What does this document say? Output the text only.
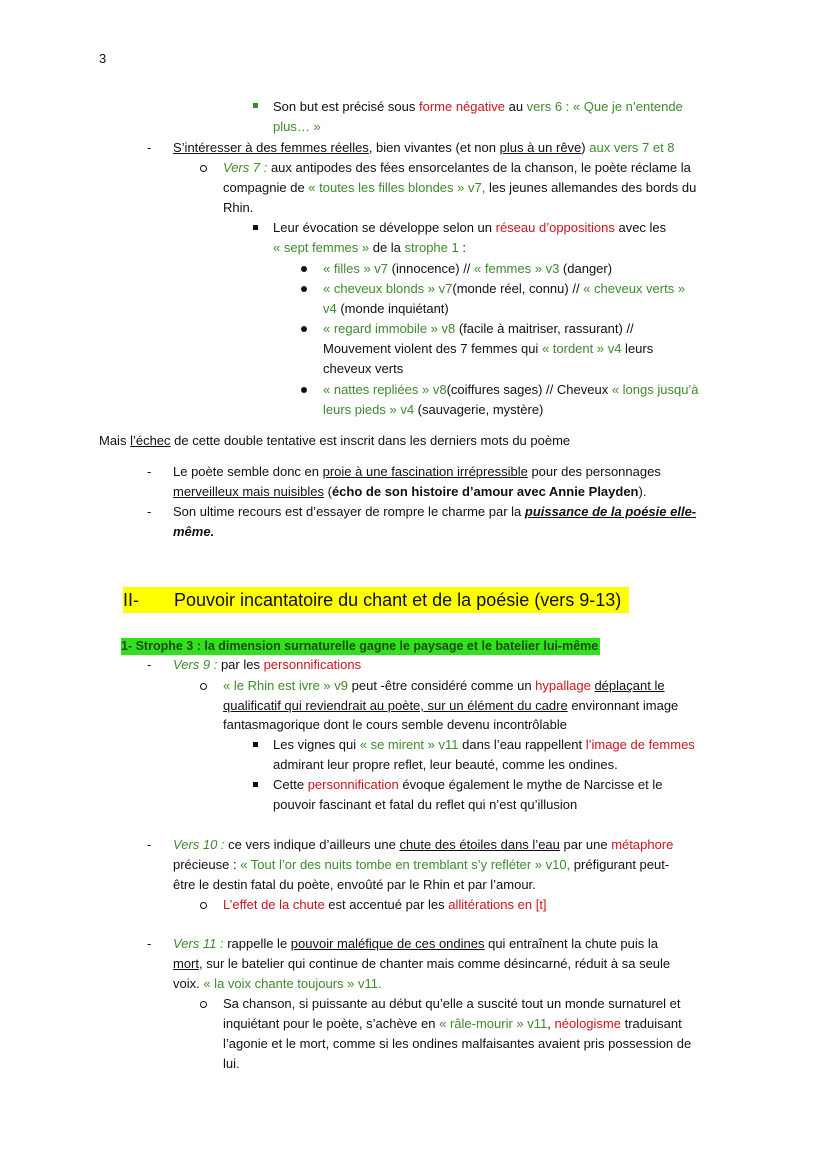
3
Son but est précisé sous forme négative au vers 6 : « Que je n’entende
plus… »
- S’intéresser à des femmes réelles, bien vivantes (et non plus à un rêve) aux vers 7 et 8
Vers 7 : aux antipodes des fées ensorcelantes de la chanson, le poète réclame la
compagnie de « toutes les filles blondes » v7, les jeunes allemandes des bords du
Rhin.
Leur évocation se développe selon un réseau d’oppositions avec les
« sept femmes » de la strophe 1 :
« filles » v7 (innocence) // « femmes » v3 (danger)
« cheveux blonds » v7(monde réel, connu) // « cheveux verts »
v4 (monde inquiétant)
« regard immobile » v8 (facile à maitriser, rassurant) //
Mouvement violent des 7 femmes qui « tordent » v4 leurs
cheveux verts
« nattes repliées » v8(coiffures sages) // Cheveux « longs jusqu’à
leurs pieds » v4 (sauvagerie, mystère)
Mais l’échec de cette double tentative est inscrit dans les derniers mots du poème
- Le poète semble donc en proie à une fascination irrépressible pour des personnages
merveilleux mais nuisibles (écho de son histoire d’amour avec Annie Playden).
- Son ultime recours est d’essayer de rompre le charme par la puissance de la poésie elle-
même.
II- Pouvoir incantatoire du chant et de la poésie (vers 9-13)
1- Strophe 3 : la dimension surnaturelle gagne le paysage et le batelier lui-même
- Vers 9 : par les personnifications
« le Rhin est ivre » v9 peut -être considéré comme un hypallage déplaçant le
qualificatif qui reviendrait au poète, sur un élément du cadre environnant image
fantasmagorique dont le cours semble devenu incontrôlable
Les vignes qui « se mirent » v11 dans l’eau rappellent l’image de femmes
admirant leur propre reflet, leur beauté, comme les ondines.
Cette personnification évoque également le mythe de Narcisse et le
pouvoir fascinant et fatal du reflet qui n’est qu’illusion
- Vers 10 : ce vers indique d’ailleurs une chute des étoiles dans l’eau par une métaphore
précieuse : « Tout l’or des nuits tombe en tremblant s’y refléter » v10, préfigurant peut-
être le destin fatal du poète, envoûté par le Rhin et par l’amour.
L’effet de la chute est accentué par les allitérations en [t]
- Vers 11 : rappelle le pouvoir maléfique de ces ondines qui entraînent la chute puis la
mort, sur le batelier qui continue de chanter mais comme désincarné, réduit à sa seule
voix. « la voix chante toujours » v11.
Sa chanson, si puissante au début qu’elle a suscité tout un monde surnaturel et
inquiétant pour le poète, s’achève en « râle-mourir » v11, néologisme traduisant
l’agonie et le mort, comme si les ondines malfaisantes avaient pris possession de
lui.
